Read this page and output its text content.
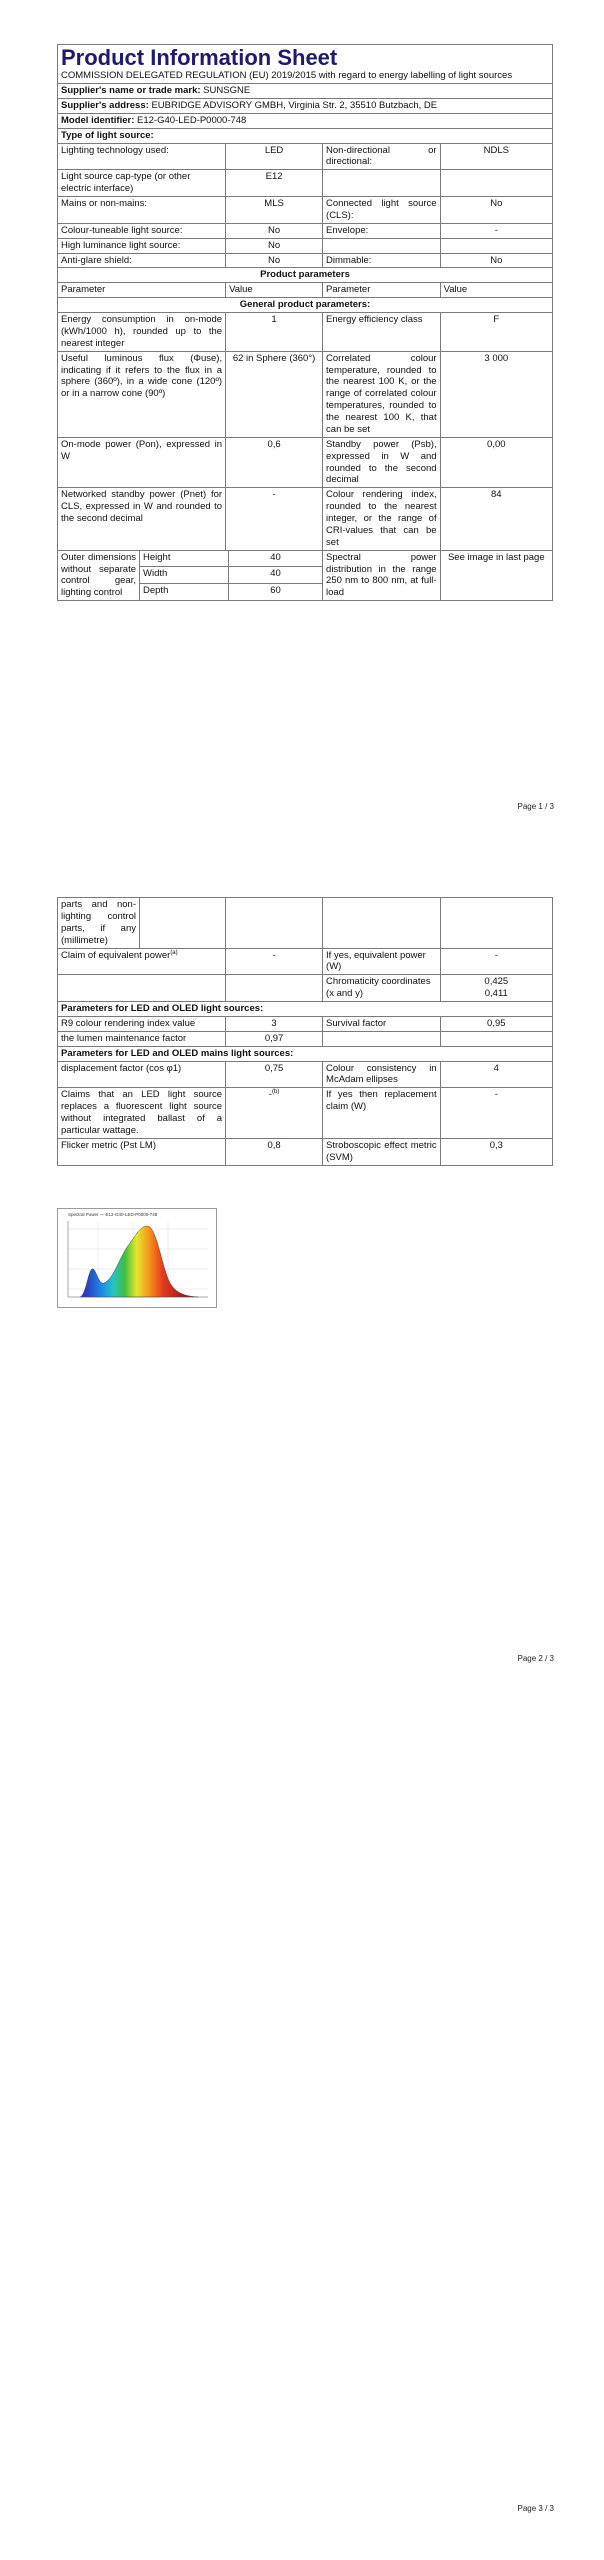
Product Information Sheet
COMMISSION DELEGATED REGULATION (EU) 2019/2015 with regard to energy labelling of light sources

Supplier's name or trade mark: SUNSGNE
Supplier's address: EUBRIDGE ADVISORY GMBH, Virginia Str. 2, 35510 Butzbach, DE
Model identifier: E12-G40-LED-P0000-748
Type of light source:
Lighting technology used:	LED	Non-directional or directional:	NDLS
Light source cap-type (or other electric interface)	E12		
Mains or non-mains:	MLS	Connected light source (CLS):	No
Colour-tuneable light source:	No	Envelope:	-
High luminance light source:	No		
Anti-glare shield:	No	Dimmable:	No
Product parameters
Parameter	Value	Parameter	Value
General product parameters:
Energy consumption in on-mode (kWh/1000 h), rounded up to the nearest integer	1	Energy efficiency class	F
Useful luminous flux (Φuse), indicating if it refers to the flux in a sphere (360º), in a wide cone (120º) or in a narrow cone (90º)	62 in Sphere (360°)	Correlated colour temperature, rounded to the nearest 100 K, or the range of correlated colour temperatures, rounded to the nearest 100 K, that can be set	3 000
On-mode power (Pon), expressed in W	0,6	Standby power (Psb), expressed in W and rounded to the second decimal	0,00
Networked standby power (Pnet) for CLS, expressed in W and rounded to the second decimal	-	Colour rendering index, rounded to the nearest integer, or the range of CRI-values that can be set	84

Outer dimensions without separate control gear, lighting control	Height	40
Width	40
Depth	60
	Spectral power distribution in the range 250 nm to 800 nm, at full-load	See image in last page
Page 1 / 3
parts and non-lighting control parts, if any (millimetre)			

Claim of equivalent power$^{(a)}$	-	If yes, equivalent power (W)	-
		Chromaticity coordinates (x and y)	0,425
0,411
Parameters for LED and OLED light sources:			
R9 colour rendering index value	3	Survival factor	0,95
the lumen maintenance factor	0,97		
Parameters for LED and OLED mains light sources:			
displacement factor (cos φ1)	0,75	Colour consistency in McAdam ellipses	4
Claims that an LED light source replaces a fluorescent light source without integrated ballast of a particular wattage.	-$^{(b)}$	If yes then replacement claim (W)	-
Flicker metric (Pst LM)	0,8	Stroboscopic effect metric (SVM)	0,3
Page 2 / 3
Page 3 / 3
Spectral Power — E12-G40-LED-P0000-748
